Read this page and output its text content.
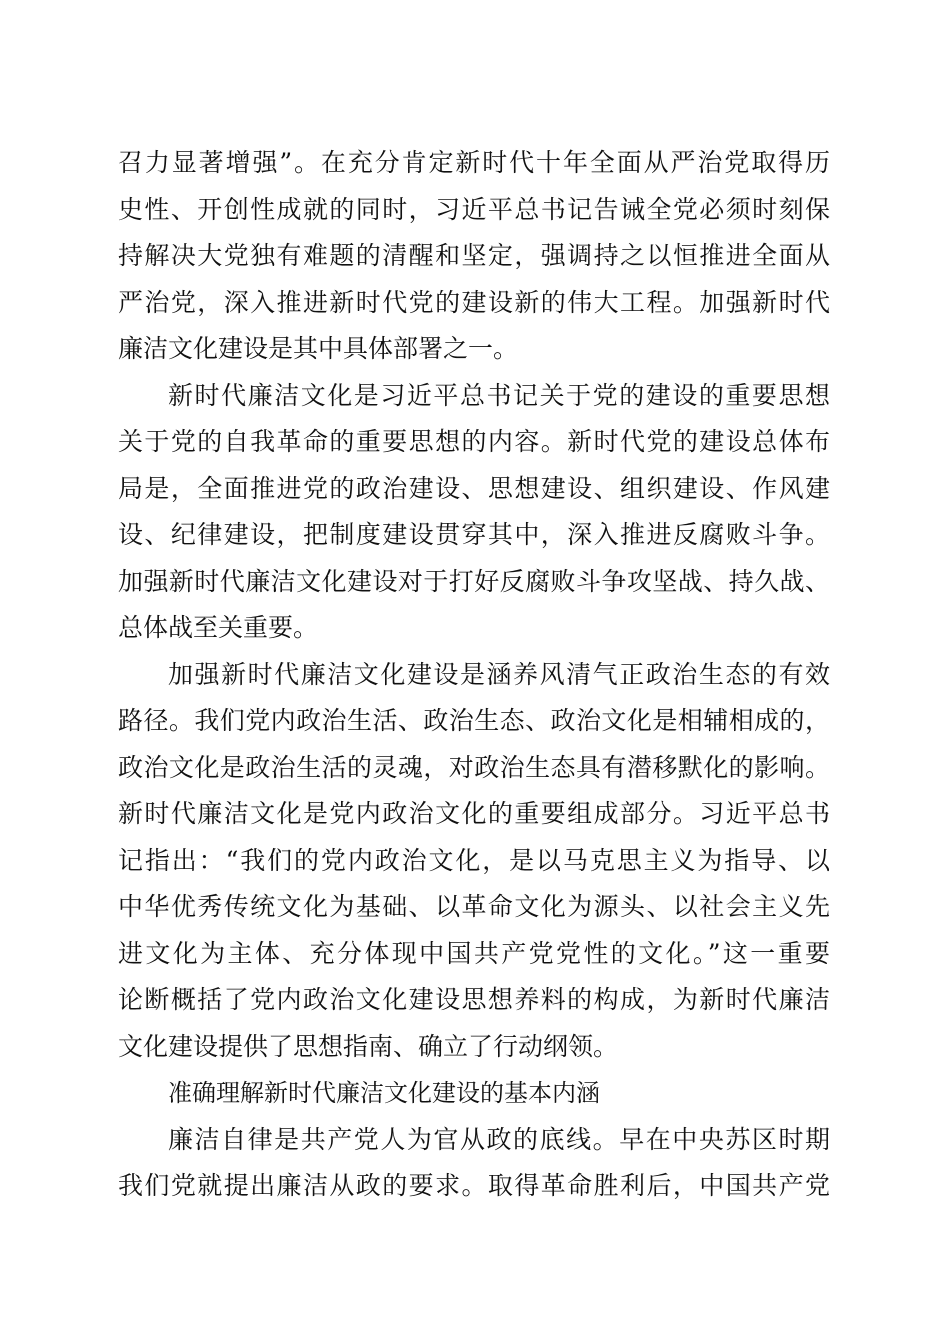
召力显著增强”。在充分肯定新时代十年全面从严治党取得历
史性、开创性成就的同时，习近平总书记告诫全党必须时刻保
持解决大党独有难题的清醒和坚定，强调持之以恒推进全面从
严治党，深入推进新时代党的建设新的伟大工程。加强新时代
廉洁文化建设是其中具体部署之一。
新时代廉洁文化是习近平总书记关于党的建设的重要思想
关于党的自我革命的重要思想的内容。新时代党的建设总体布
局是，全面推进党的政治建设、思想建设、组织建设、作风建
设、纪律建设，把制度建设贯穿其中，深入推进反腐败斗争。
加强新时代廉洁文化建设对于打好反腐败斗争攻坚战、持久战、
总体战至关重要。
加强新时代廉洁文化建设是涵养风清气正政治生态的有效
路径。我们党内政治生活、政治生态、政治文化是相辅相成的，
政治文化是政治生活的灵魂，对政治生态具有潜移默化的影响。
新时代廉洁文化是党内政治文化的重要组成部分。习近平总书
记指出：“我们的党内政治文化，是以马克思主义为指导、以
中华优秀传统文化为基础、以革命文化为源头、以社会主义先
进文化为主体、充分体现中国共产党党性的文化。”这一重要
论断概括了党内政治文化建设思想养料的构成，为新时代廉洁
文化建设提供了思想指南、确立了行动纲领。
准确理解新时代廉洁文化建设的基本内涵
廉洁自律是共产党人为官从政的底线。早在中央苏区时期
我们党就提出廉洁从政的要求。取得革命胜利后，中国共产党
